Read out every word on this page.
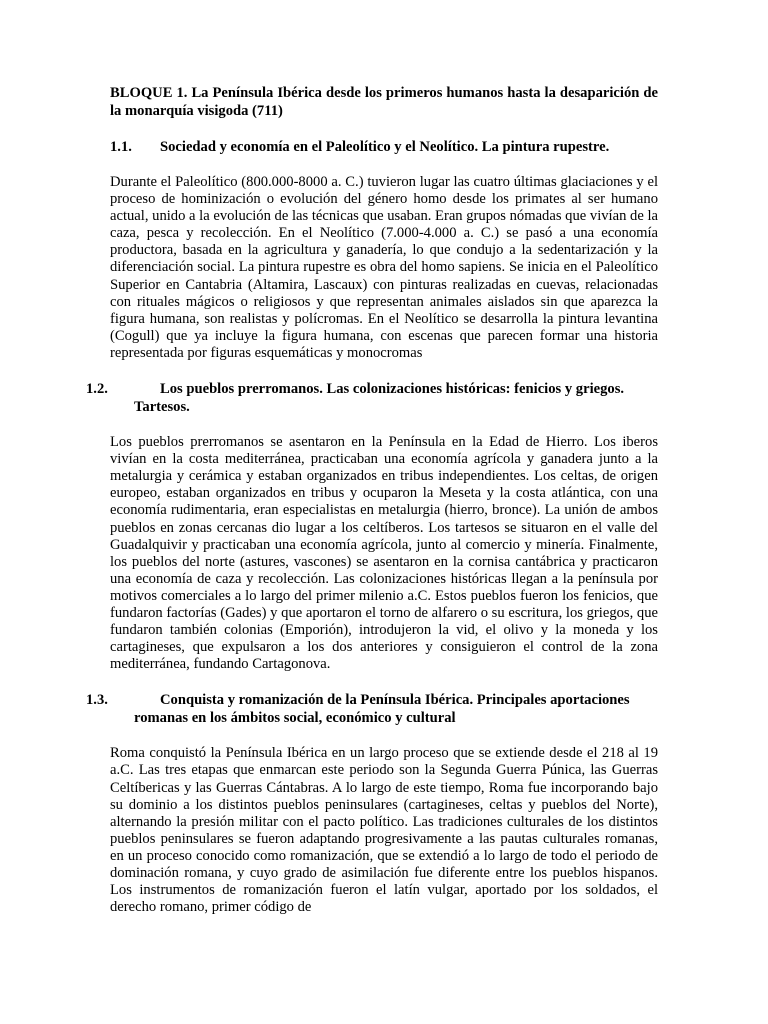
BLOQUE 1. La Península Ibérica desde los primeros humanos hasta la desaparición de la monarquía visigoda (711)
1.1. Sociedad y economía en el Paleolítico y el Neolítico. La pintura rupestre.
Durante el Paleolítico (800.000-8000 a. C.) tuvieron lugar las cuatro últimas glaciaciones y el proceso de hominización o evolución del género homo desde los primates al ser humano actual, unido a la evolución de las técnicas que usaban. Eran grupos nómadas que vivían de la caza, pesca y recolección. En el Neolítico (7.000-4.000 a. C.) se pasó a una economía productora, basada en la agricultura y ganadería, lo que condujo a la sedentarización y la diferenciación social. La pintura rupestre es obra del homo sapiens. Se inicia en el Paleolítico Superior en Cantabria (Altamira, Lascaux) con pinturas realizadas en cuevas, relacionadas con rituales mágicos o religiosos y que representan animales aislados sin que aparezca la figura humana, son realistas y polícromas. En el Neolítico se desarrolla la pintura levantina (Cogull) que ya incluye la figura humana, con escenas que parecen formar una historia representada por figuras esquemáticas y monocromas
1.2.	Los pueblos prerromanos. Las colonizaciones históricas: fenicios y griegos. Tartesos.
Los pueblos prerromanos se asentaron en la Península en la Edad de Hierro. Los iberos vivían en la costa mediterránea, practicaban una economía agrícola y ganadera junto a la metalurgia y cerámica y estaban organizados en tribus independientes. Los celtas, de origen europeo, estaban organizados en tribus y ocuparon la Meseta y la costa atlántica, con una economía rudimentaria, eran especialistas en metalurgia (hierro, bronce). La unión de ambos pueblos en zonas cercanas dio lugar a los celtíberos. Los tartesos se situaron en el valle del Guadalquivir y practicaban una economía agrícola, junto al comercio y minería. Finalmente, los pueblos del norte (astures, vascones) se asentaron en la cornisa cantábrica y practicaron una economía de caza y recolección. Las colonizaciones históricas llegan a la península por motivos comerciales a lo largo del primer milenio a.C. Estos pueblos fueron los fenicios, que fundaron factorías (Gades) y que aportaron el torno de alfarero o su escritura, los griegos, que fundaron también colonias (Emporión), introdujeron la vid, el olivo y la moneda y los cartagineses, que expulsaron a los dos anteriores y consiguieron el control de la zona mediterránea, fundando Cartagonova.
1.3.	Conquista y romanización de la Península Ibérica. Principales aportaciones romanas en los ámbitos social, económico y cultural
Roma conquistó la Península Ibérica en un largo proceso que se extiende desde el 218 al 19 a.C. Las tres etapas que enmarcan este periodo son la Segunda Guerra Púnica, las Guerras Celtíbericas y las Guerras Cántabras. A lo largo de este tiempo, Roma fue incorporando bajo su dominio a los distintos pueblos peninsulares (cartagineses, celtas y pueblos del Norte), alternando la presión militar con el pacto político. Las tradiciones culturales de los distintos pueblos peninsulares se fueron adaptando progresivamente a las pautas culturales romanas, en un proceso conocido como romanización, que se extendió a lo largo de todo el periodo de dominación romana, y cuyo grado de asimilación fue diferente entre los pueblos hispanos. Los instrumentos de romanización fueron el latín vulgar, aportado por los soldados, el derecho romano, primer código de
